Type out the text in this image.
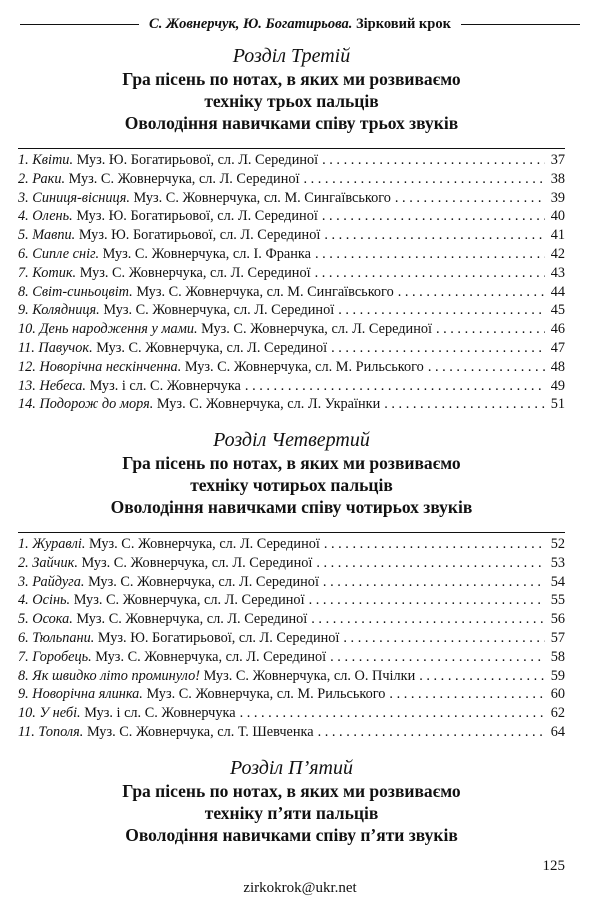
С. Жовнерчук, Ю. Богатирьова. Зірковий крок

Розділ Третій

Гра пісень по нотах, в яких ми розвиваємо

техніку трьох пальців

Оволодіння навичками співу трьох звуків

1. Квіти.
Муз. Ю. Богатирьової, сл. Л. Серединої . . .	37
2. Раки.
Муз. С. Жовнерчука, сл. Л. Серединої . . .	38
3. Синиця-вісниця.
Муз. С. Жовнерчука, сл. М. Сингаївського . . .	39
4. Олень.
Муз. Ю. Богатирьової, сл. Л. Серединої . . .	40
5. Мавпи.
Муз. Ю. Богатирьової, сл. Л. Серединої . . .	41
6. Сипле сніг.
Муз. С. Жовнерчука, сл. І. Франка . . .	42
7. Котик.
Муз. С. Жовнерчука, сл. Л. Серединої . . .	43
8. Світ-синьоцвіт.
Муз. С. Жовнерчука, сл. М. Сингаївського . . .	44
9. Колядниця.
Муз. С. Жовнерчука, сл. Л. Серединої . . .	45
10. День народження у мами.
Муз. С. Жовнерчука, сл. Л. Серединої . . .	46
11. Павучок.
Муз. С. Жовнерчука, сл. Л. Серединої . . .	47
12. Новорічна нескінченна.
Муз. С. Жовнерчука, сл. М. Рильського . . .	48
13. Небеса.
Муз. і сл. С. Жовнерчука . . .	49
14. Подорож до моря.
Муз. С. Жовнерчука, сл. Л. Українки . . .	51

Розділ Четвертий

Гра пісень по нотах, в яких ми розвиваємо

техніку чотирьох пальців

Оволодіння навичками співу чотирьох звуків

1. Журавлі.
Муз. С. Жовнерчука, сл. Л. Серединої . . .	52
2. Зайчик.
Муз. С. Жовнерчука, сл. Л. Серединої . . .	53
3. Райдуга.
Муз. С. Жовнерчука, сл. Л. Серединої . . .	54
4. Осінь.
Муз. С. Жовнерчука, сл. Л. Серединої . . .	55
5. Осока.
Муз. С. Жовнерчука, сл. Л. Серединої . . .	56
6. Тюльпани.
Муз. Ю. Богатирьової, сл. Л. Серединої . . .	57
7. Горобець.
Муз. С. Жовнерчука, сл. Л. Серединої . . .	58
8. Як швидко літо проминуло!
Муз. С. Жовнерчука, сл. О. Пчілки . . .	59
9. Новорічна ялинка.
Муз. С. Жовнерчука, сл. М. Рильського . . .	60
10. У небі.
Муз. і сл. С. Жовнерчука . . .	62
11. Тополя.
Муз. С. Жовнерчука, сл. Т. Шевченка . . .	64

Розділ П’ятий

Гра пісень по нотах, в яких ми розвиваємо

техніку п’яти пальців

Оволодіння навичками співу п’яти звуків

125
zirkokrok@ukr.net
